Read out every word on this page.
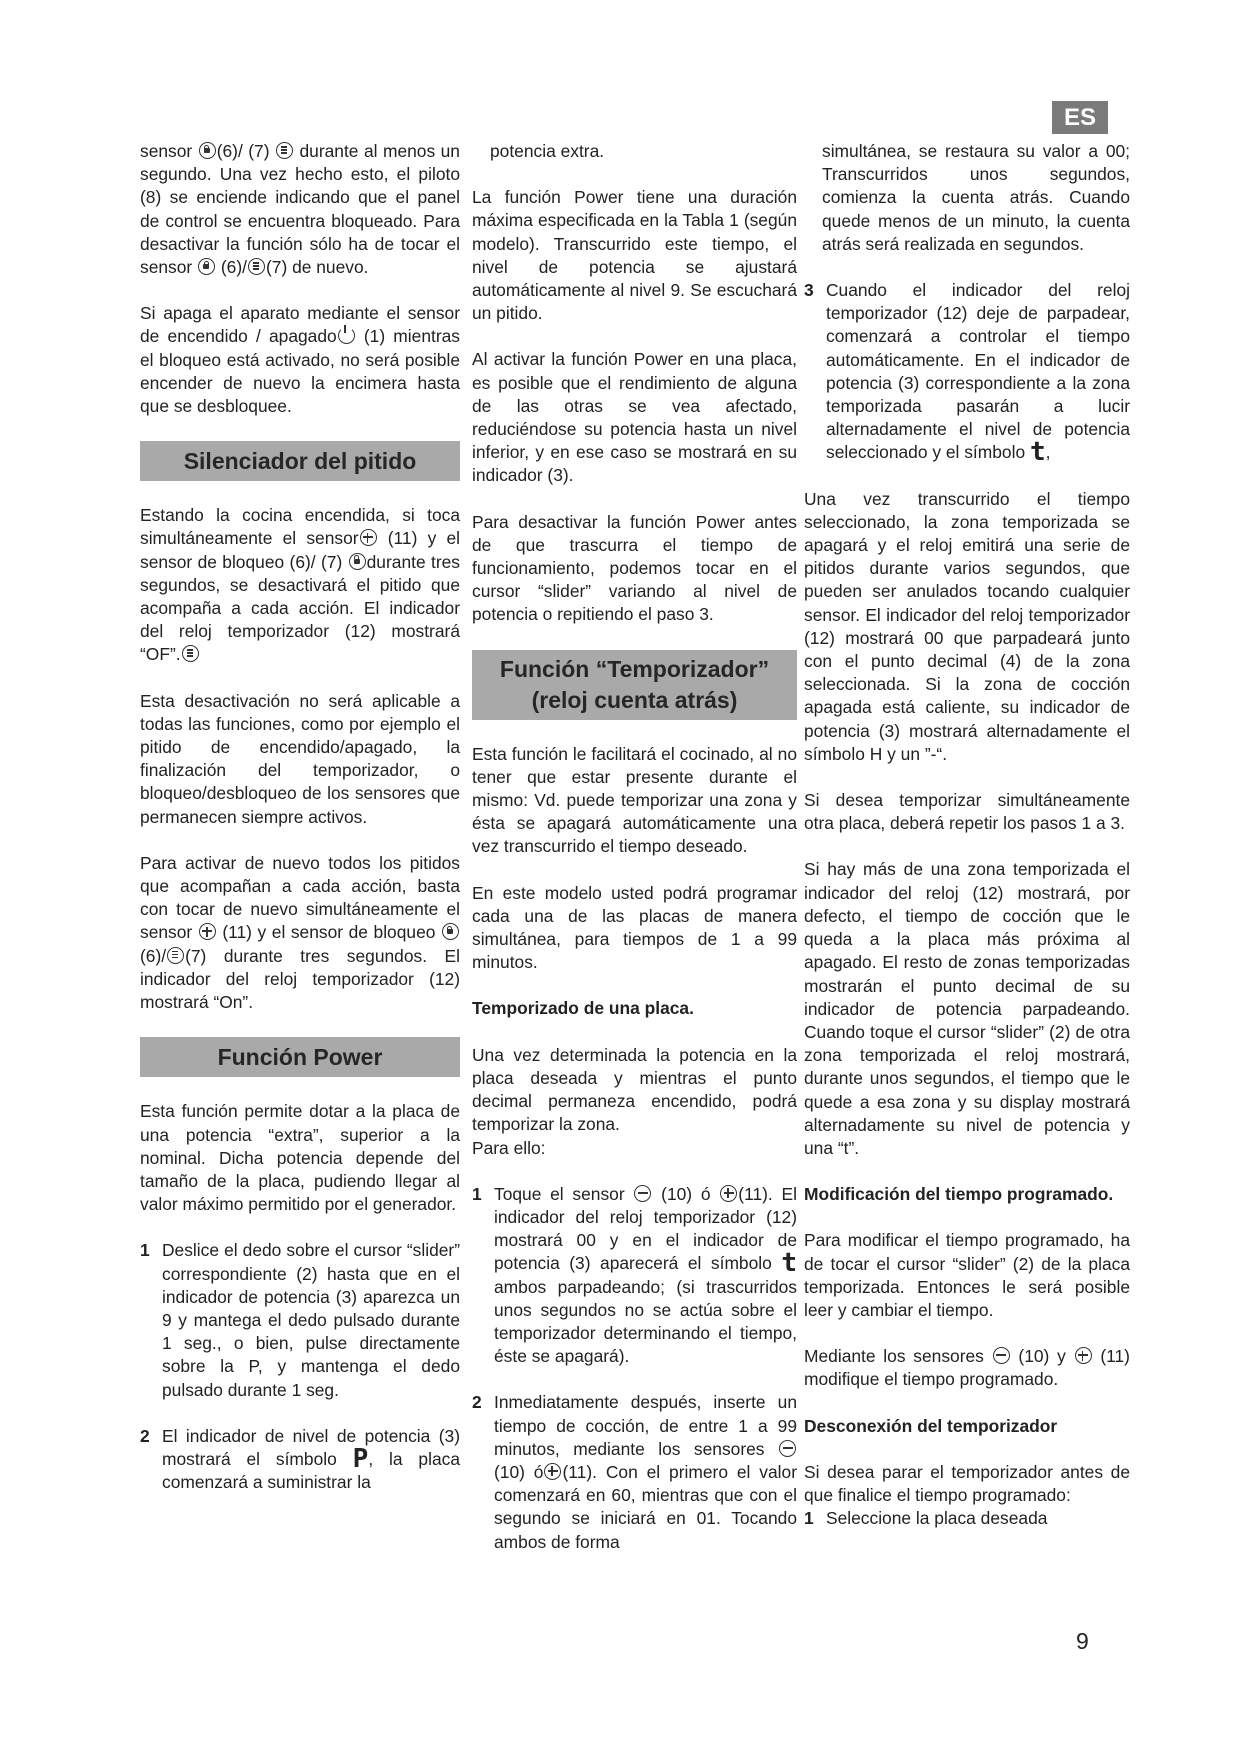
ES

sensor (6)/ (7) durante al menos un segundo. Una vez hecho esto, el piloto (8) se enciende indicando que el panel de control se encuentra bloqueado. Para desactivar la función sólo ha de tocar el sensor (6)/ (7) de nuevo.

Si apaga el aparato mediante el sensor de encendido / apagado (1) mientras el bloqueo está activado, no será posible encender de nuevo la encimera hasta que se desbloquee.

Silenciador del pitido

Estando la cocina encendida, si toca simultáneamente el sensor (11) y el sensor de bloqueo (6)/ (7) durante tres segundos, se desactivará el pitido que acompaña a cada acción. El indicador del reloj temporizador (12) mostrará “OF”.

Esta desactivación no será aplicable a todas las funciones, como por ejemplo el pitido de encendido/apagado, la finalización del temporizador, o bloqueo/desbloqueo de los sensores que permanecen siempre activos.

Para activar de nuevo todos los pitidos que acompañan a cada acción, basta con tocar de nuevo simultáneamente el sensor (11) y el sensor de bloqueo  (6)/ (7) durante tres segundos. El indicador del reloj temporizador (12) mostrará “On”.

Función Power

Esta función permite dotar a la placa de una potencia “extra”, superior a la nominal. Dicha potencia depende del tamaño de la placa, pudiendo llegar al valor máximo permitido por el generador.

1 Deslice el dedo sobre el cursor “slider” correspondiente (2) hasta que en el indicador de potencia (3) aparezca un 9 y mantega el dedo pulsado durante 1 seg., o bien, pulse directamente sobre la P, y mantenga el dedo pulsado durante 1 seg.
2 El indicador de nivel de potencia (3) mostrará el símbolo P, la placa comenzará a suministrar la

potencia extra.

La función Power tiene una duración máxima especificada en la Tabla 1 (según modelo). Transcurrido este tiempo, el nivel de potencia se ajustará automáticamente al nivel 9. Se escuchará un pitido.

Al activar la función Power en una placa, es posible que el rendimiento de alguna de las otras se vea afectado, reduciéndose su potencia hasta un nivel inferior, y en ese caso se mostrará en su indicador (3).

Para desactivar la función Power antes de que trascurra el tiempo de funcionamiento, podemos tocar en el cursor “slider” variando al nivel de potencia o repitiendo el paso 3.

Función “Temporizador”
(reloj cuenta atrás)

Esta función le facilitará el cocinado, al no tener que estar presente durante el mismo: Vd. puede temporizar una zona y ésta se apagará automáticamente una vez transcurrido el tiempo deseado.

En este modelo usted podrá programar cada una de las placas de manera simultánea, para tiempos de 1 a 99 minutos.

Temporizado de una placa.

Una vez determinada la potencia en la placa deseada y mientras el punto decimal permaneza encendido, podrá temporizar la zona.

Para ello:

1 Toque el sensor (10) ó (11). El indicador del reloj temporizador (12) mostrará 00 y en el indicador de potencia (3) aparecerá el símbolo t ambos parpadeando; (si trascurridos unos segundos no se actúa sobre el temporizador determinando el tiempo, éste se apagará).
2 Inmediatamente después, inserte un tiempo de cocción, de entre 1 a 99 minutos, mediante los sensores  (10) ó (11). Con el primero el valor comenzará en 60, mientras que con el segundo se iniciará en 01. Tocando ambos de forma

simultánea, se restaura su valor a 00; Transcurridos unos segundos, comienza la cuenta atrás. Cuando quede menos de un minuto, la cuenta atrás será realizada en segundos.

3 Cuando el indicador del reloj temporizador (12) deje de parpadear, comenzará a controlar el tiempo automáticamente. En el indicador de potencia (3) correspondiente a la zona temporizada pasarán a lucir alternadamente el nivel de potencia seleccionado y el símbolo t,

Una vez transcurrido el tiempo seleccionado, la zona temporizada se apagará y el reloj emitirá una serie de pitidos durante varios segundos, que pueden ser anulados tocando cualquier sensor. El indicador del reloj temporizador (12) mostrará 00 que parpadeará junto con el punto decimal (4) de la zona seleccionada. Si la zona de cocción apagada está caliente, su indicador de potencia (3) mostrará alternadamente el símbolo H y un ”-“.

Si desea temporizar simultáneamente otra placa, deberá repetir los pasos 1 a 3.

Si hay más de una zona temporizada el indicador del reloj (12) mostrará, por defecto, el tiempo de cocción que le queda a la placa más próxima al apagado. El resto de zonas temporizadas mostrarán el punto decimal de su indicador de potencia parpadeando. Cuando toque el cursor “slider” (2) de otra zona temporizada el reloj mostrará, durante unos segundos, el tiempo que le quede a esa zona y su display mostrará alternadamente su nivel de potencia y una “t”.

Modificación del tiempo programado.

Para modificar el tiempo programado, ha de tocar el cursor “slider” (2) de la placa temporizada. Entonces le será posible leer y cambiar el tiempo.

Mediante los sensores (10) y (11) modifique el tiempo programado.

Desconexión del temporizador

Si desea parar el temporizador antes de que finalice el tiempo programado:

1 Seleccione la placa deseada
9
